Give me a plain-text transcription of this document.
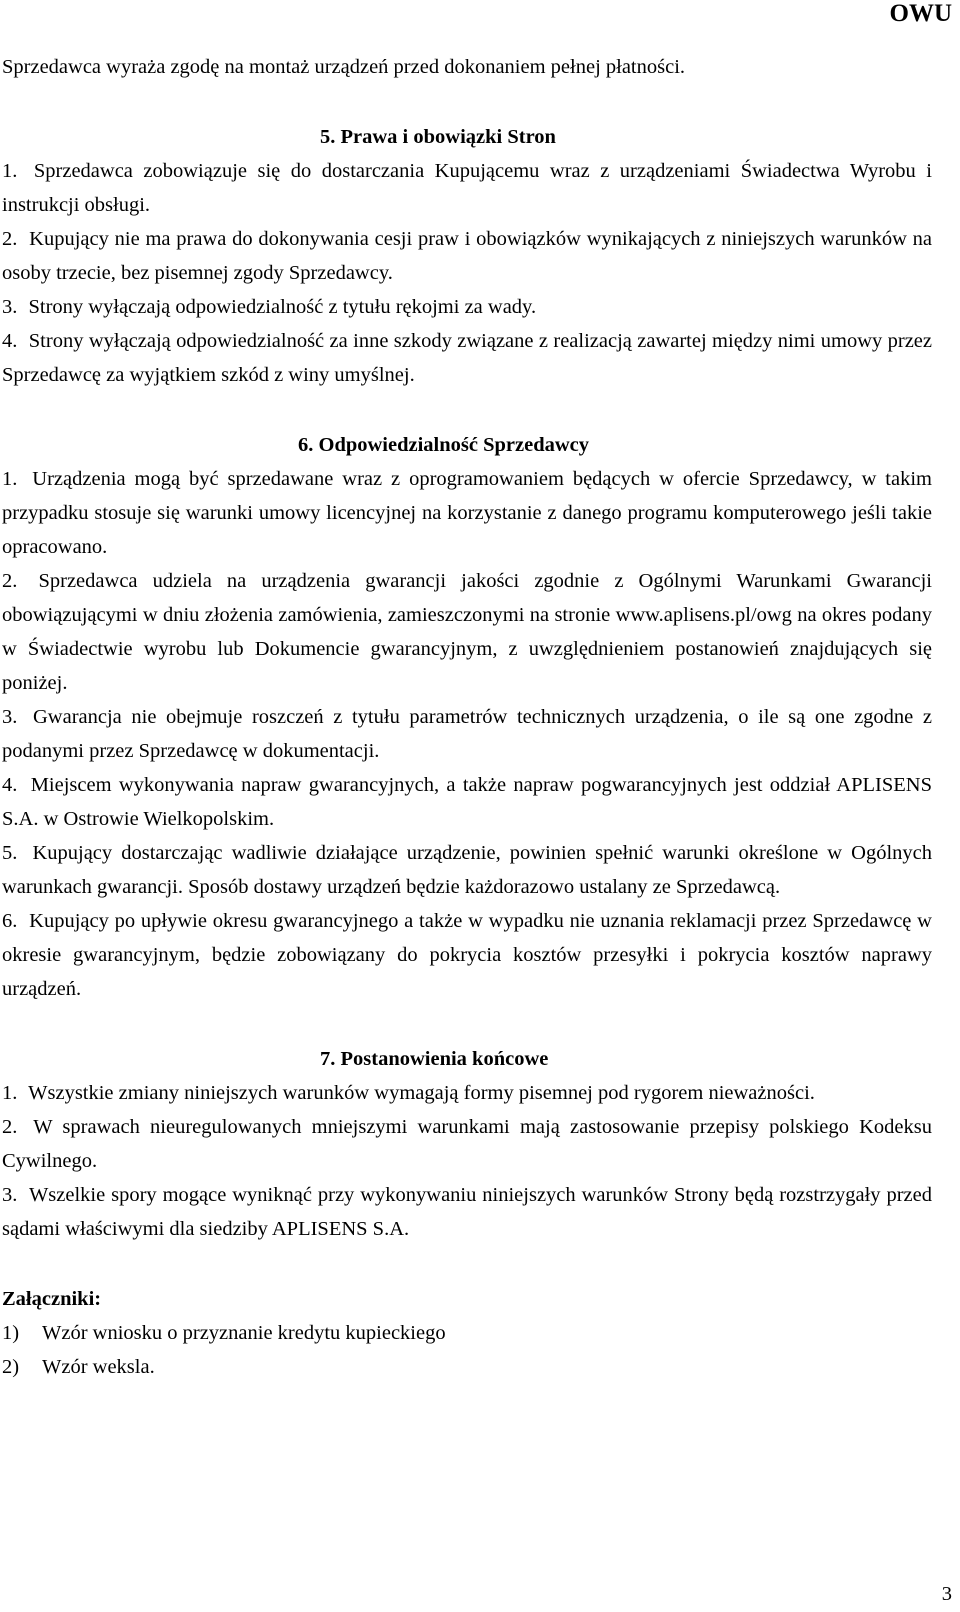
OWU

Sprzedawca wyraża zgodę na montaż urządzeń przed dokonaniem pełnej płatności.

5. Prawa i obowiązki Stron

1. Sprzedawca zobowiązuje się do dostarczania Kupującemu wraz z urządzeniami Świadectwa Wyrobu i instrukcji obsługi.

2. Kupujący nie ma prawa do dokonywania cesji praw i obowiązków wynikających z niniejszych warunków na osoby trzecie, bez pisemnej zgody Sprzedawcy.

3. Strony wyłączają odpowiedzialność z tytułu rękojmi za wady.

4. Strony wyłączają odpowiedzialność za inne szkody związane z realizacją zawartej między nimi umowy przez Sprzedawcę za wyjątkiem szkód z winy umyślnej.

6. Odpowiedzialność Sprzedawcy

1. Urządzenia mogą być sprzedawane wraz z oprogramowaniem będących w ofercie Sprzedawcy, w takim przypadku stosuje się warunki umowy licencyjnej na korzystanie z danego programu komputerowego jeśli takie opracowano.

2. Sprzedawca udziela na urządzenia gwarancji jakości zgodnie z Ogólnymi Warunkami Gwarancji obowiązującymi w dniu złożenia zamówienia, zamieszczonymi na stronie www.aplisens.pl/owg na okres podany w Świadectwie wyrobu lub Dokumencie gwarancyjnym, z uwzględnieniem postanowień znajdujących się poniżej.

3. Gwarancja nie obejmuje roszczeń z tytułu parametrów technicznych urządzenia, o ile są one zgodne z podanymi przez Sprzedawcę w dokumentacji.

4. Miejscem wykonywania napraw gwarancyjnych, a także napraw pogwarancyjnych jest oddział APLISENS S.A. w Ostrowie Wielkopolskim.

5. Kupujący dostarczając wadliwie działające urządzenie, powinien spełnić warunki określone w Ogólnych warunkach gwarancji. Sposób dostawy urządzeń będzie każdorazowo ustalany ze Sprzedawcą.

6. Kupujący po upływie okresu gwarancyjnego a także w wypadku nie uznania reklamacji przez Sprzedawcę w okresie gwarancyjnym, będzie zobowiązany do pokrycia kosztów przesyłki i pokrycia kosztów naprawy urządzeń.

7. Postanowienia końcowe

1. Wszystkie zmiany niniejszych warunków wymagają formy pisemnej pod rygorem nieważności.

2. W sprawach nieuregulowanych mniejszymi warunkami mają zastosowanie przepisy polskiego Kodeksu Cywilnego.

3. Wszelkie spory mogące wyniknąć przy wykonywaniu niniejszych warunków Strony będą rozstrzygały przed sądami właściwymi dla siedziby APLISENS S.A.

Załączniki:

1) Wzór wniosku o przyznanie kredytu kupieckiego

2) Wzór weksla.

3
